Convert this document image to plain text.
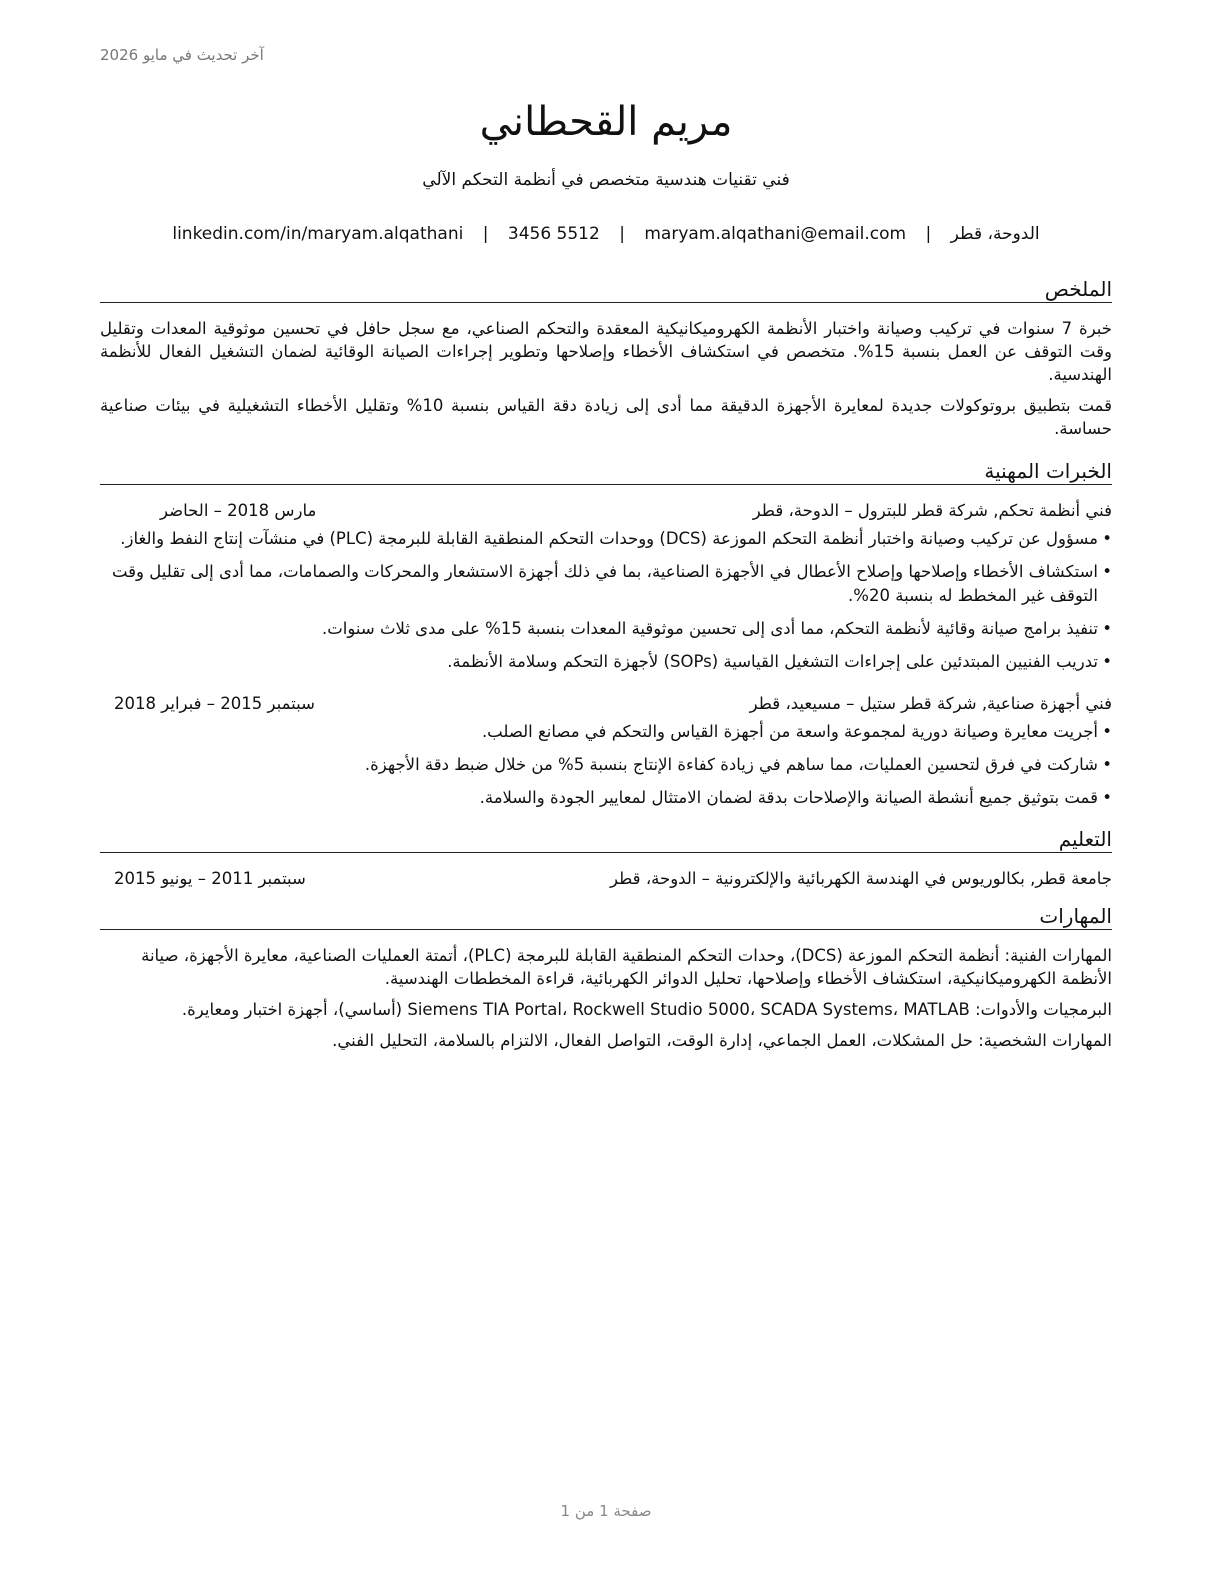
آخر تحديث في مايو 2026
مريم القحطاني
فني تقنيات هندسية متخصص في أنظمة التحكم الآلي
الدوحة، قطر | maryam.alqathani@email.com | 3456 5512 | linkedin.com/in/maryam.alqathani
الملخص

خبرة 7 سنوات في تركيب وصيانة واختبار الأنظمة الكهروميكانيكية المعقدة والتحكم الصناعي، مع سجل حافل في تحسين موثوقية المعدات وتقليل وقت التوقف عن العمل بنسبة 15%. متخصص في استكشاف الأخطاء وإصلاحها وتطوير إجراءات الصيانة الوقائية لضمان التشغيل الفعال للأنظمة الهندسية.

قمت بتطبيق بروتوكولات جديدة لمعايرة الأجهزة الدقيقة مما أدى إلى زيادة دقة القياس بنسبة 10% وتقليل الأخطاء التشغيلية في بيئات صناعية حساسة.

الخبرات المهنية
فني أنظمة تحكم, شركة قطر للبترول – الدوحة، قطر
مارس 2018 – الحاضر
• مسؤول عن تركيب وصيانة واختبار أنظمة التحكم الموزعة (DCS) ووحدات التحكم المنطقية القابلة للبرمجة (PLC) في منشآت إنتاج النفط والغاز.
• استكشاف الأخطاء وإصلاحها وإصلاح الأعطال في الأجهزة الصناعية، بما في ذلك أجهزة الاستشعار والمحركات والصمامات، مما أدى إلى تقليل وقت التوقف غير المخطط له بنسبة 20%.
• تنفيذ برامج صيانة وقائية لأنظمة التحكم، مما أدى إلى تحسين موثوقية المعدات بنسبة 15% على مدى ثلاث سنوات.
• تدريب الفنيين المبتدئين على إجراءات التشغيل القياسية (SOPs) لأجهزة التحكم وسلامة الأنظمة.
فني أجهزة صناعية, شركة قطر ستيل – مسيعيد، قطر
سبتمبر 2015 – فبراير 2018
• أجريت معايرة وصيانة دورية لمجموعة واسعة من أجهزة القياس والتحكم في مصانع الصلب.
• شاركت في فرق لتحسين العمليات، مما ساهم في زيادة كفاءة الإنتاج بنسبة 5% من خلال ضبط دقة الأجهزة.
• قمت بتوثيق جميع أنشطة الصيانة والإصلاحات بدقة لضمان الامتثال لمعايير الجودة والسلامة.
التعليم
جامعة قطر, بكالوريوس في الهندسة الكهربائية والإلكترونية – الدوحة، قطر
سبتمبر 2011 – يونيو 2015
المهارات

المهارات الفنية: أنظمة التحكم الموزعة (DCS)، وحدات التحكم المنطقية القابلة للبرمجة (PLC)، أتمتة العمليات الصناعية، معايرة الأجهزة، صيانة الأنظمة الكهروميكانيكية، استكشاف الأخطاء وإصلاحها، تحليل الدوائر الكهربائية، قراءة المخططات الهندسية.

البرمجيات والأدوات: Siemens TIA Portal، Rockwell Studio 5000، SCADA Systems، MATLAB (أساسي)، أجهزة اختبار ومعايرة.

المهارات الشخصية: حل المشكلات، العمل الجماعي، إدارة الوقت، التواصل الفعال، الالتزام بالسلامة، التحليل الفني.

صفحة 1 من 1
